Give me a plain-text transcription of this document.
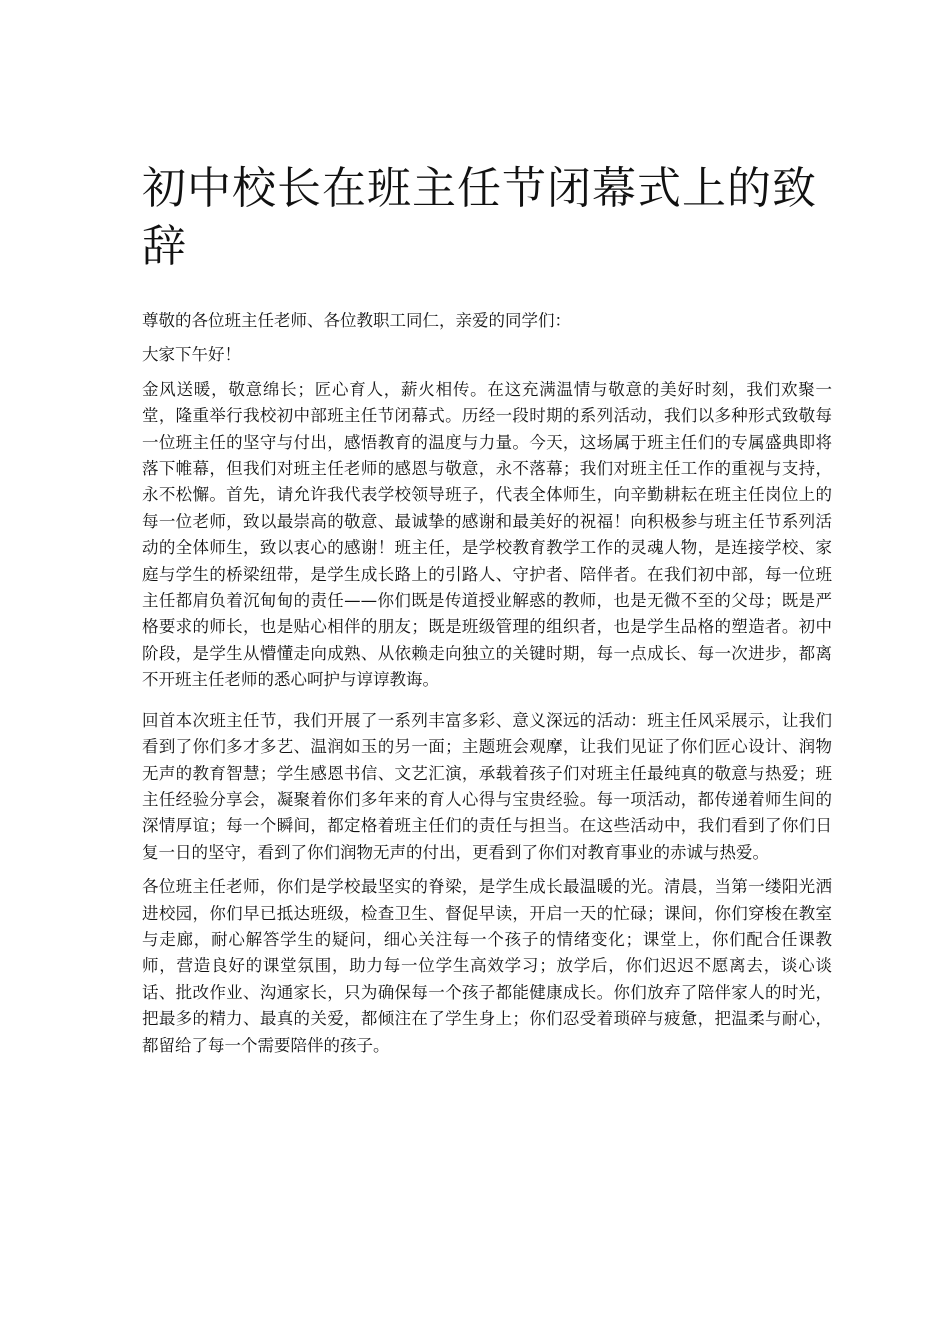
初中校长在班主任节闭幕式上的致辞

尊敬的各位班主任老师、各位教职工同仁，亲爱的同学们：

大家下午好！

金风送暖，敬意绵长；匠心育人，薪火相传。在这充满温情与敬意的美好时刻，我们欢聚一堂，隆重举行我校初中部班主任节闭幕式。历经一段时期的系列活动，我们以多种形式致敬每一位班主任的坚守与付出，感悟教育的温度与力量。今天，这场属于班主任们的专属盛典即将落下帷幕，但我们对班主任老师的感恩与敬意，永不落幕；我们对班主任工作的重视与支持，永不松懈。首先，请允许我代表学校领导班子，代表全体师生，向辛勤耕耘在班主任岗位上的每一位老师，致以最崇高的敬意、最诚挚的感谢和最美好的祝福！向积极参与班主任节系列活动的全体师生，致以衷心的感谢！班主任，是学校教育教学工作的灵魂人物，是连接学校、家庭与学生的桥梁纽带，是学生成长路上的引路人、守护者、陪伴者。在我们初中部，每一位班主任都肩负着沉甸甸的责任——你们既是传道授业解惑的教师，也是无微不至的父母；既是严格要求的师长，也是贴心相伴的朋友；既是班级管理的组织者，也是学生品格的塑造者。初中阶段，是学生从懵懂走向成熟、从依赖走向独立的关键时期，每一点成长、每一次进步，都离不开班主任老师的悉心呵护与谆谆教诲。

回首本次班主任节，我们开展了一系列丰富多彩、意义深远的活动：班主任风采展示，让我们看到了你们多才多艺、温润如玉的另一面；主题班会观摩，让我们见证了你们匠心设计、润物无声的教育智慧；学生感恩书信、文艺汇演，承载着孩子们对班主任最纯真的敬意与热爱；班主任经验分享会，凝聚着你们多年来的育人心得与宝贵经验。每一项活动，都传递着师生间的深情厚谊；每一个瞬间，都定格着班主任们的责任与担当。在这些活动中，我们看到了你们日复一日的坚守，看到了你们润物无声的付出，更看到了你们对教育事业的赤诚与热爱。

各位班主任老师，你们是学校最坚实的脊梁，是学生成长最温暖的光。清晨，当第一缕阳光洒进校园，你们早已抵达班级，检查卫生、督促早读，开启一天的忙碌；课间，你们穿梭在教室与走廊，耐心解答学生的疑问，细心关注每一个孩子的情绪变化；课堂上，你们配合任课教师，营造良好的课堂氛围，助力每一位学生高效学习；放学后，你们迟迟不愿离去，谈心谈话、批改作业、沟通家长，只为确保每一个孩子都能健康成长。你们放弃了陪伴家人的时光，把最多的精力、最真的关爱，都倾注在了学生身上；你们忍受着琐碎与疲惫，把温柔与耐心，都留给了每一个需要陪伴的孩子。
